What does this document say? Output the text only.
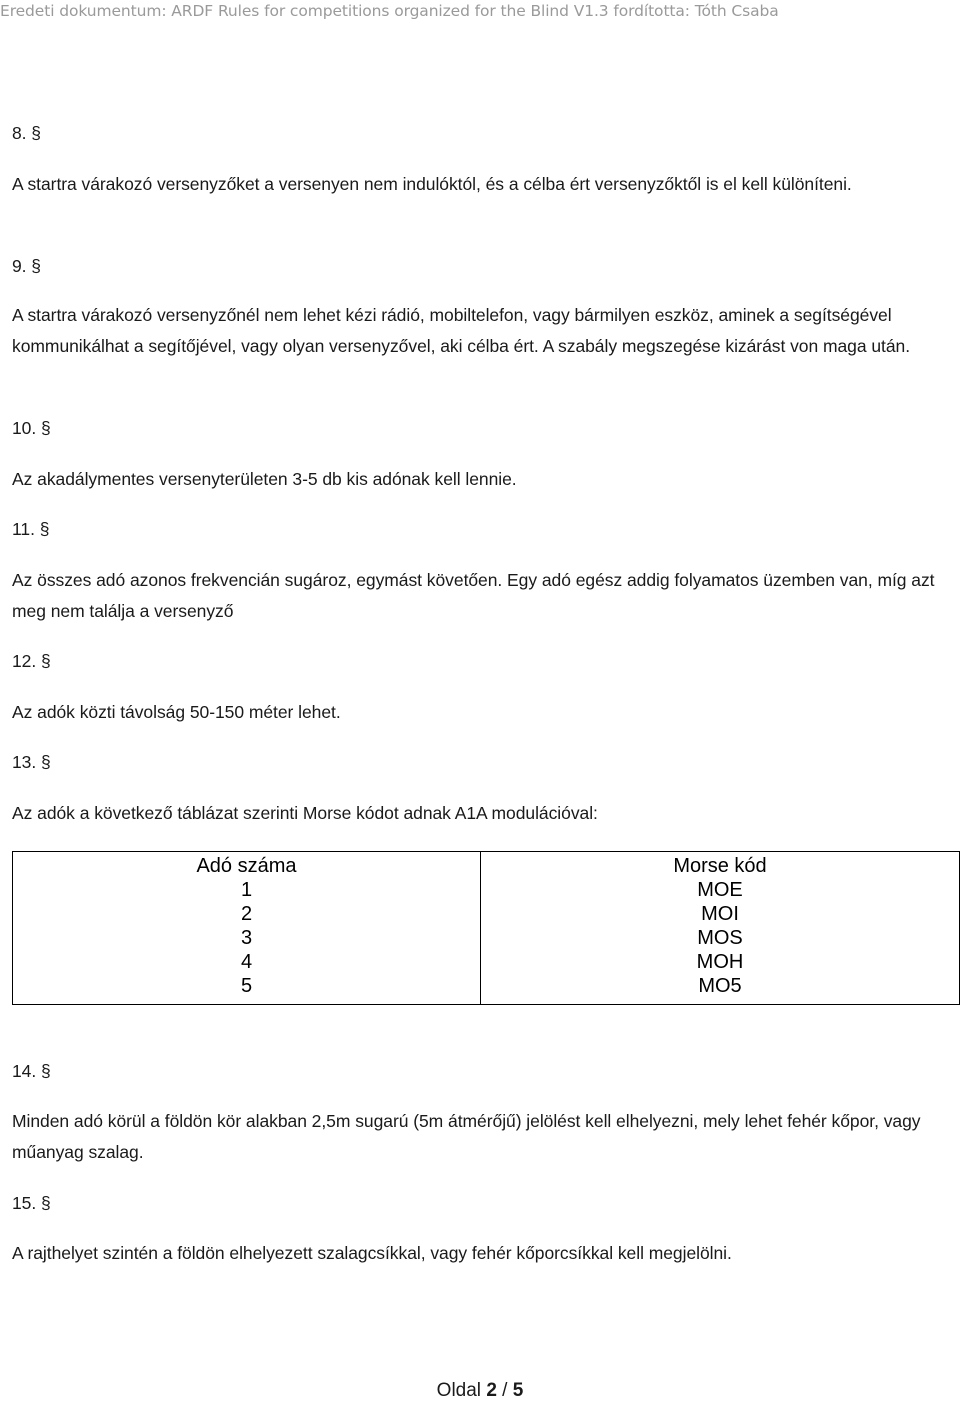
Eredeti dokumentum: ARDF Rules for competitions organized for the Blind V1.3 fordította: Tóth Csaba
8. §
A startra várakozó versenyzőket a versenyen nem indulóktól, és a célba ért versenyzőktől is el kell különíteni.
9. §
A startra várakozó versenyzőnél nem lehet kézi rádió, mobiltelefon, vagy bármilyen eszköz, aminek a segítségével kommunikálhat a segítőjével, vagy olyan versenyzővel, aki célba ért. A szabály megszegése kizárást von maga után.
10. §
Az akadálymentes versenyterületen 3-5 db kis adónak kell lennie.
11. §
Az összes adó azonos frekvencián sugároz, egymást követően. Egy adó egész addig folyamatos üzemben van, míg azt meg nem találja a versenyző
12. §
Az adók közti távolság 50-150 méter lehet.
13. §
Az adók a következő táblázat szerinti Morse kódot adnak A1A modulációval:
Adó száma	Morse kód
1	MOE
2	MOI
3	MOS
4	MOH
5	MO5
14. §
Minden adó körül a földön kör alakban 2,5m sugarú (5m átmérőjű) jelölést kell elhelyezni, mely lehet fehér kőpor, vagy műanyag szalag.
15. §
A rajthelyet szintén a földön elhelyezett szalagcsíkkal, vagy fehér kőporcsíkkal kell megjelölni.
Oldal 2 / 5
